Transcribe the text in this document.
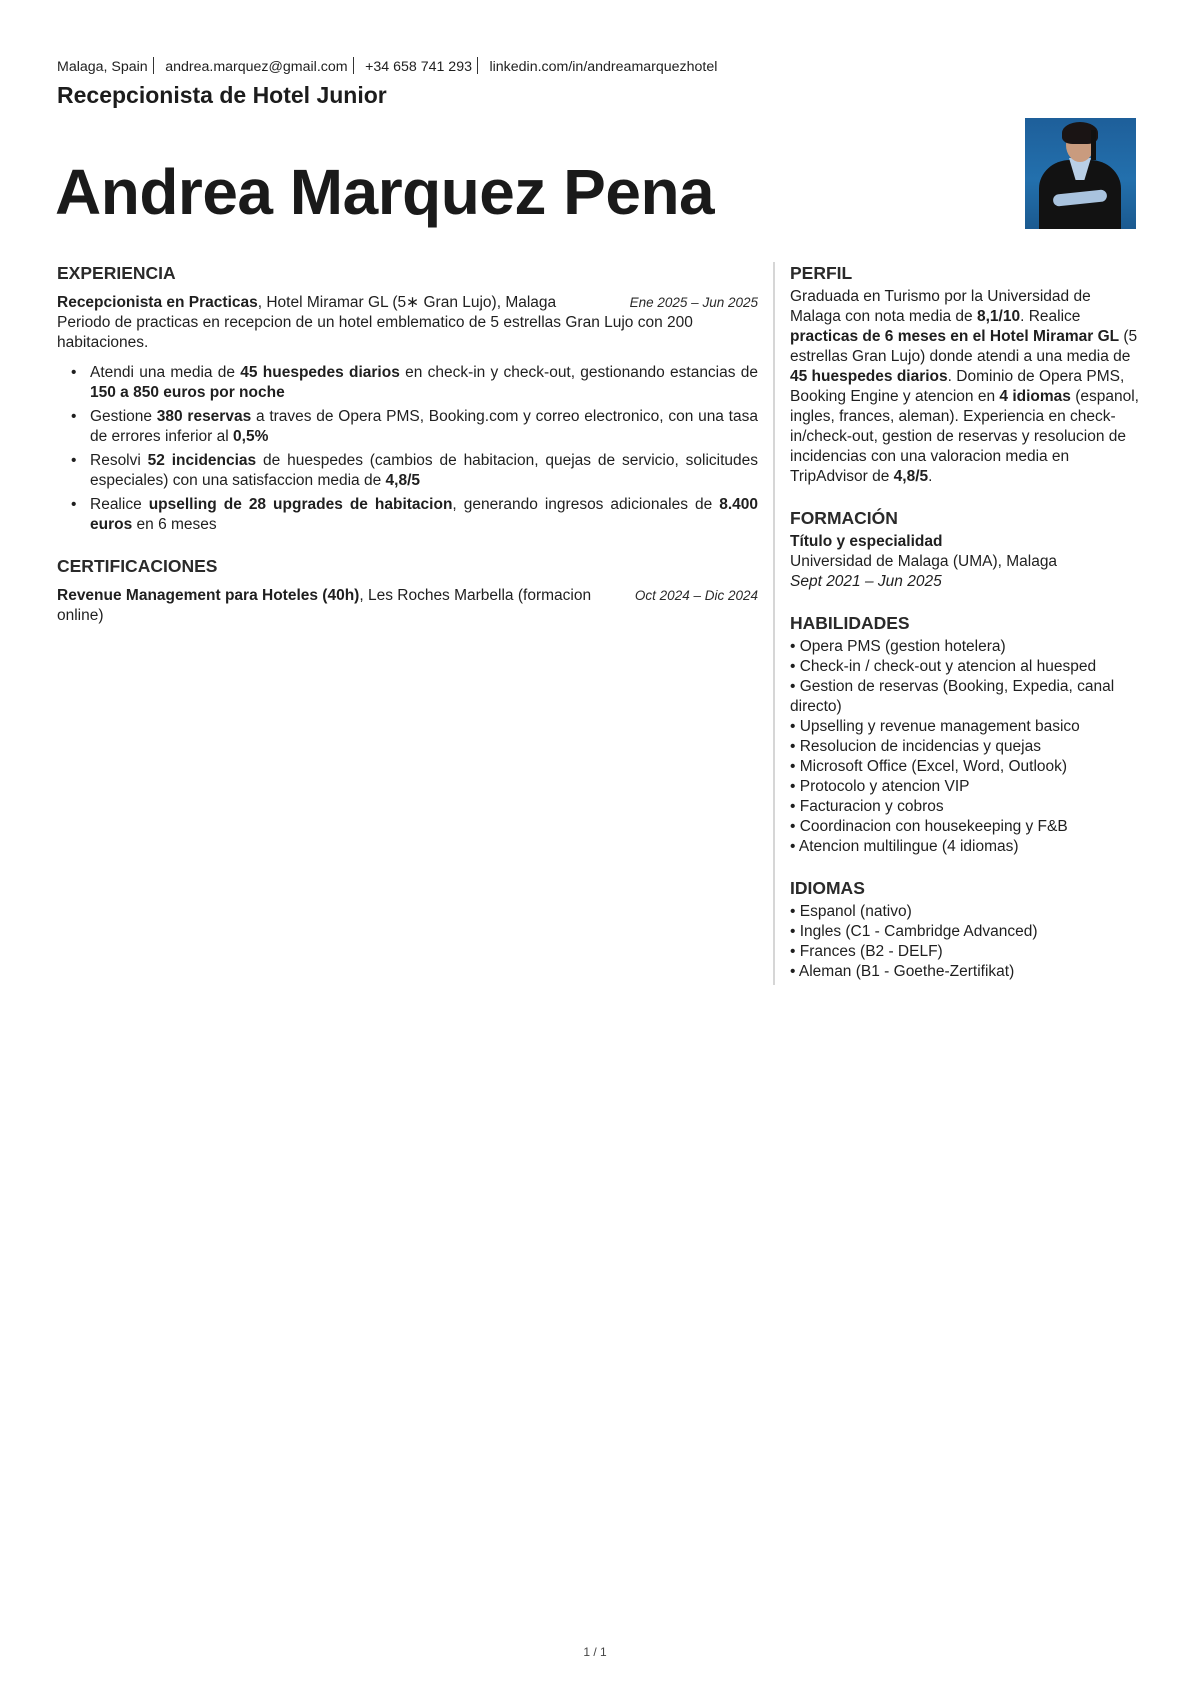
Malaga, Spain andrea.marquez@gmail.com +34 658 741 293 linkedin.com/in/andreamarquezhotel
Recepcionista de Hotel Junior
Andrea Marquez Pena
EXPERIENCIA
Recepcionista en Practicas, Hotel Miramar GL (5∗ Gran Lujo), Malaga	Ene 2025 – Jun 2025
Periodo de practicas en recepcion de un hotel emblematico de 5 estrellas Gran Lujo con 200 habitaciones.
• Atendi una media de 45 huespedes diarios en check-in y check-out, gestionando estancias de 150 a 850 euros por noche
• Gestione 380 reservas a traves de Opera PMS, Booking.com y correo electronico, con una tasa de errores inferior al 0,5%
• Resolvi 52 incidencias de huespedes (cambios de habitacion, quejas de servicio, solicitudes especiales) con una satisfaccion media de 4,8/5
• Realice upselling de 28 upgrades de habitacion, generando ingresos adicionales de 8.400 euros en 6 meses
CERTIFICACIONES
Revenue Management para Hoteles (40h), Les Roches Marbella (formacion online)
Oct 2024 – Dic 2024
PERFIL
Graduada en Turismo por la Universidad de Malaga con nota media de 8,1/10. Realice practicas de 6 meses en el Hotel Miramar GL (5 estrellas Gran Lujo) donde atendi a una media de 45 huespedes diarios. Dominio de Opera PMS, Booking Engine y atencion en 4 idiomas (espanol, ingles, frances, aleman). Experiencia en check-in/check-out, gestion de reservas y resolucion de incidencias con una valoracion media en TripAdvisor de 4,8/5.
FORMACIÓN
Título y especialidad
Universidad de Malaga (UMA), Malaga
Sept 2021 – Jun 2025
HABILIDADES
• Opera PMS (gestion hotelera)
• Check-in / check-out y atencion al huesped
• Gestion de reservas (Booking, Expedia, canal directo)
• Upselling y revenue management basico
• Resolucion de incidencias y quejas
• Microsoft Office (Excel, Word, Outlook)
• Protocolo y atencion VIP
• Facturacion y cobros
• Coordinacion con housekeeping y F&B
• Atencion multilingue (4 idiomas)
IDIOMAS
• Espanol (nativo)
• Ingles (C1 - Cambridge Advanced)
• Frances (B2 - DELF)
• Aleman (B1 - Goethe-Zertifikat)
1 / 1
